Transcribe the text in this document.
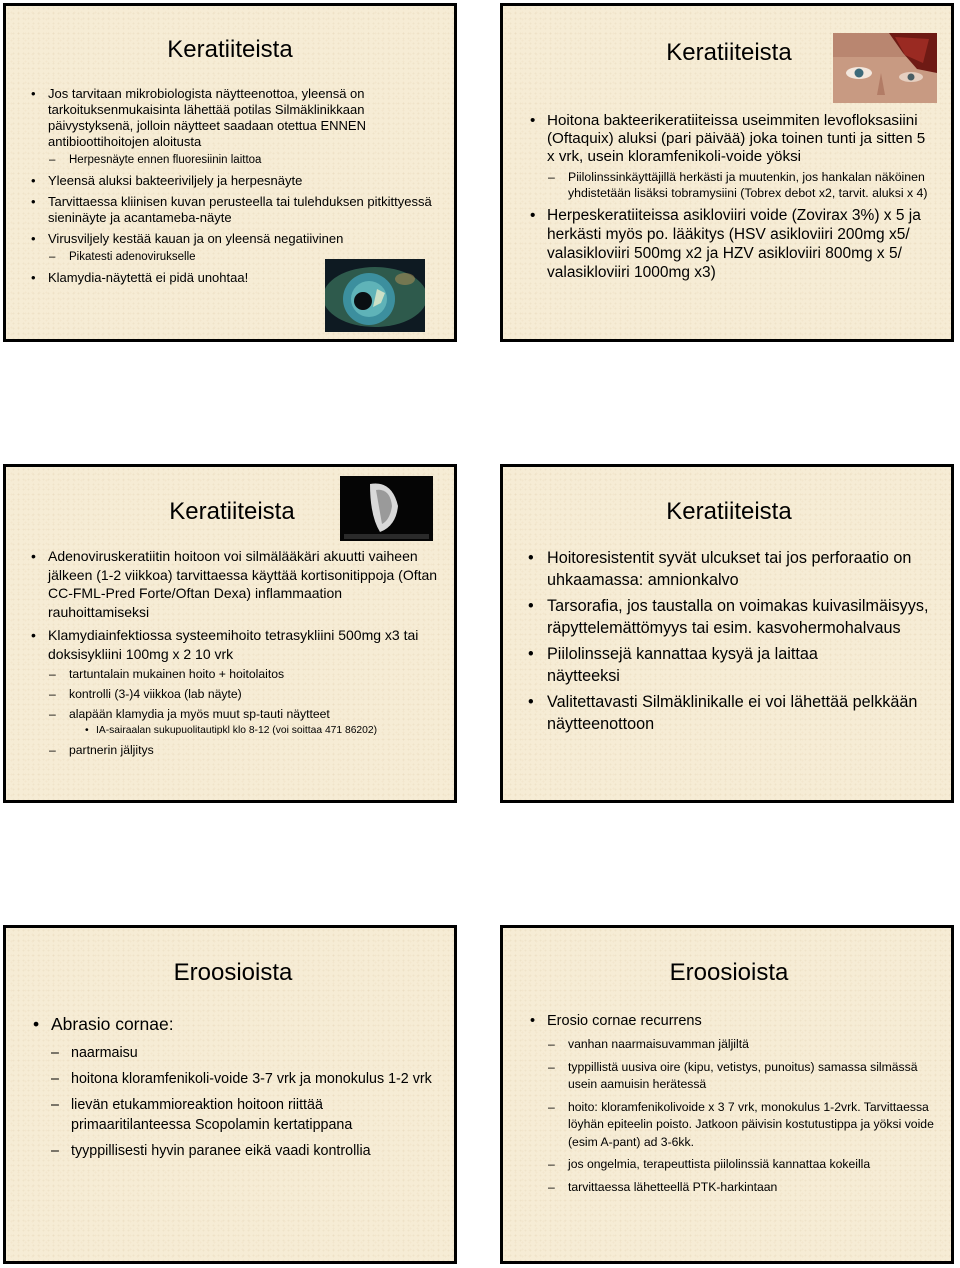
Keratiiteista
• Jos tarvitaan mikrobiologista näytteenottoa, yleensä on tarkoituksenmukaisinta lähettää potilas Silmäklinikkaan päivystyksenä, jolloin näytteet saadaan otettua ENNEN antibioottihoitojen aloitusta
– Herpesnäyte ennen fluoresiinin laittoa
• Yleensä aluksi bakteeriviljely ja herpesnäyte
• Tarvittaessa kliinisen kuvan perusteella tai tulehduksen pitkittyessä sieninäyte ja acantameba-näyte
• Virusviljely kestää kauan ja on yleensä negatiivinen
– Pikatesti adenovirukselle
• Klamydia-näytettä ei pidä unohtaa!
Keratiiteista
• Hoitona bakteerikeratiiteissa useimmiten levofloksasiini (Oftaquix) aluksi (pari päivää) joka toinen tunti ja sitten 5 x vrk, usein kloramfenikoli-voide yöksi
– Piilolinssinkäyttäjillä herkästi ja muutenkin, jos hankalan näköinen yhdistetään lisäksi tobramysiini (Tobrex debot x2, tarvit. aluksi x 4)
• Herpeskeratiiteissa asikloviiri voide (Zovirax 3%) x 5 ja herkästi myös po. lääkitys (HSV asikloviiri 200mg x5/ valasikloviiri 500mg x2 ja HZV asikloviiri 800mg x 5/ valasikloviiri 1000mg x3)
Keratiiteista
• Adenoviruskeratiitin hoitoon voi silmälääkäri akuutti vaiheen jälkeen (1-2 viikkoa) tarvittaessa käyttää kortisonitippoja (Oftan CC-FML-Pred Forte/Oftan Dexa) inflammaation rauhoittamiseksi
• Klamydiainfektiossa systeemihoito tetrasykliini 500mg x3 tai doksisykliini 100mg x 2 10 vrk
– tartuntalain mukainen hoito + hoitolaitos
– kontrolli (3-)4 viikkoa (lab näyte)
– alapään klamydia ja myös muut sp-tauti näytteet
• IA-sairaalan sukupuolitautipkl klo 8-12 (voi soittaa 471 86202)
– partnerin jäljitys
Keratiiteista
• Hoitoresistentit syvät ulcukset tai jos perforaatio on uhkaamassa: amnionkalvo
• Tarsorafia, jos taustalla on voimakas kuivasilmäisyys, räpyttelemättömyys tai esim. kasvohermohalvaus
• Piilolinssejä kannattaa kysyä ja laittaa näytteeksi
• Valitettavasti Silmäklinikalle ei voi lähettää pelkkään näytteenottoon
Eroosioista
• Abrasio cornae:
– naarmaisu
– hoitona kloramfenikoli-voide 3-7 vrk ja monokulus 1-2 vrk
– lievän etukammioreaktion hoitoon riittää primaaritilanteessa Scopolamin kertatippana
– tyyppillisesti hyvin paranee eikä vaadi kontrollia
Eroosioista
• Erosio cornae recurrens
– vanhan naarmaisuvamman jäljiltä
– typpillistä uusiva oire (kipu, vetistys, punoitus) samassa silmässä usein aamuisin herätessä
– hoito: kloramfenikolivoide x 3 7 vrk, monokulus 1-2vrk. Tarvittaessa löyhän epiteelin poisto. Jatkoon päivisin kostutustippa ja yöksi voide (esim A-pant) ad 3-6kk.
– jos ongelmia, terapeuttista piilolinssiä kannattaa kokeilla
– tarvittaessa lähetteellä PTK-harkintaan
